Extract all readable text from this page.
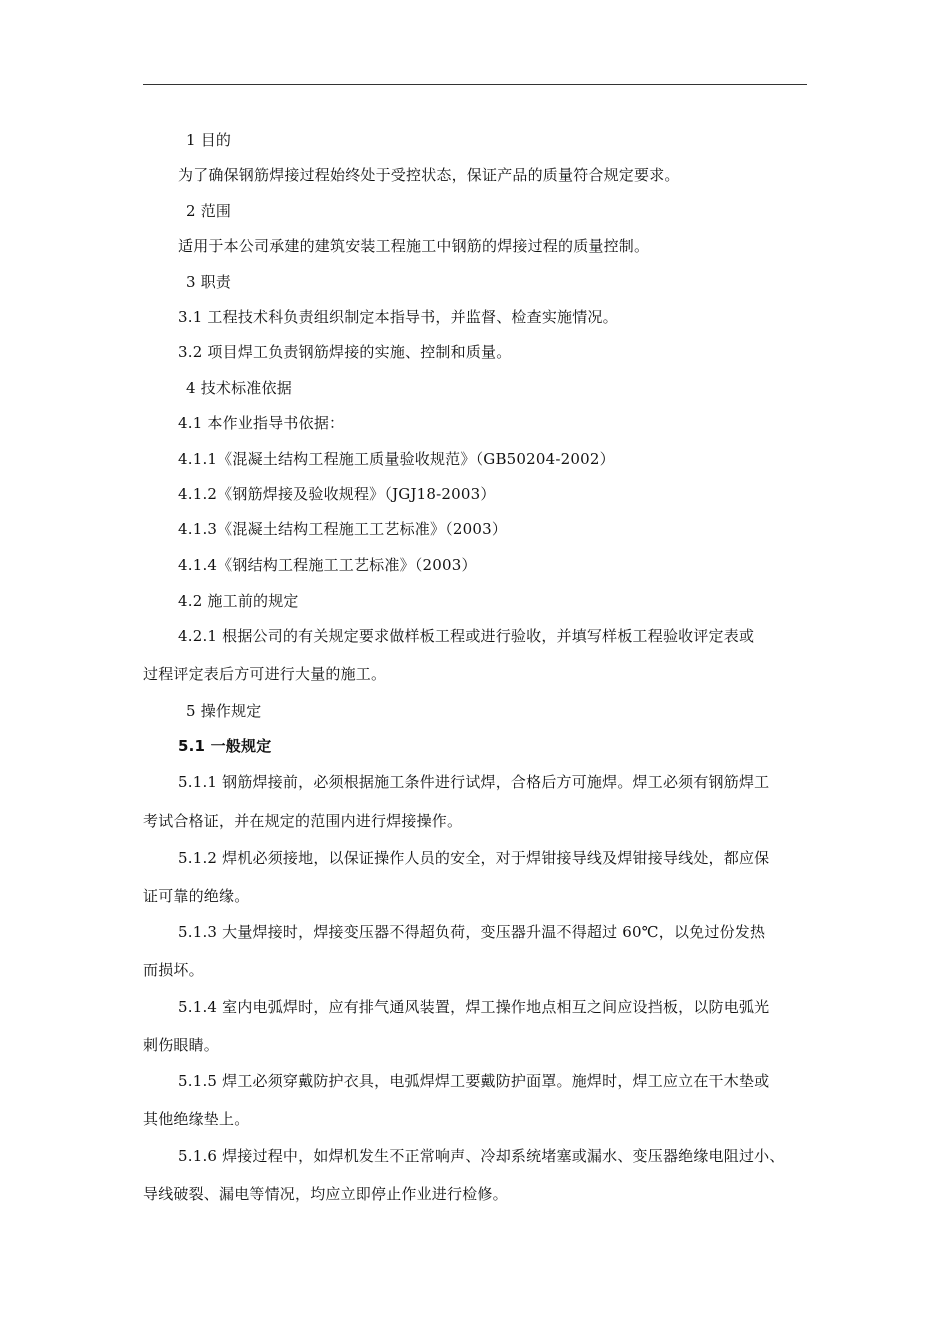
1 目的
为了确保钢筋焊接过程始终处于受控状态，保证产品的质量符合规定要求。
2 范围
适用于本公司承建的建筑安装工程施工中钢筋的焊接过程的质量控制。
3 职责
3.1 工程技术科负责组织制定本指导书，并监督、检查实施情况。
3.2 项目焊工负责钢筋焊接的实施、控制和质量。
4 技术标准依据
4.1 本作业指导书依据：
4.1.1《混凝土结构工程施工质量验收规范》（GB50204-2002）
4.1.2《钢筋焊接及验收规程》（JGJ18-2003）
4.1.3《混凝土结构工程施工工艺标准》（2003）
4.1.4《钢结构工程施工工艺标准》（2003）
4.2 施工前的规定
4.2.1 根据公司的有关规定要求做样板工程或进行验收，并填写样板工程验收评定表或
过程评定表后方可进行大量的施工。
5 操作规定
5.1 一般规定
5.1.1 钢筋焊接前，必须根据施工条件进行试焊，合格后方可施焊。焊工必须有钢筋焊工
考试合格证，并在规定的范围内进行焊接操作。
5.1.2 焊机必须接地，以保证操作人员的安全，对于焊钳接导线及焊钳接导线处，都应保
证可靠的绝缘。
5.1.3 大量焊接时，焊接变压器不得超负荷，变压器升温不得超过 60℃，以免过份发热
而损坏。
5.1.4 室内电弧焊时，应有排气通风装置，焊工操作地点相互之间应设挡板，以防电弧光
刺伤眼睛。
5.1.5 焊工必须穿戴防护衣具，电弧焊焊工要戴防护面罩。施焊时，焊工应立在干木垫或
其他绝缘垫上。
5.1.6 焊接过程中，如焊机发生不正常响声、冷却系统堵塞或漏水、变压器绝缘电阻过小、
导线破裂、漏电等情况，均应立即停止作业进行检修。
